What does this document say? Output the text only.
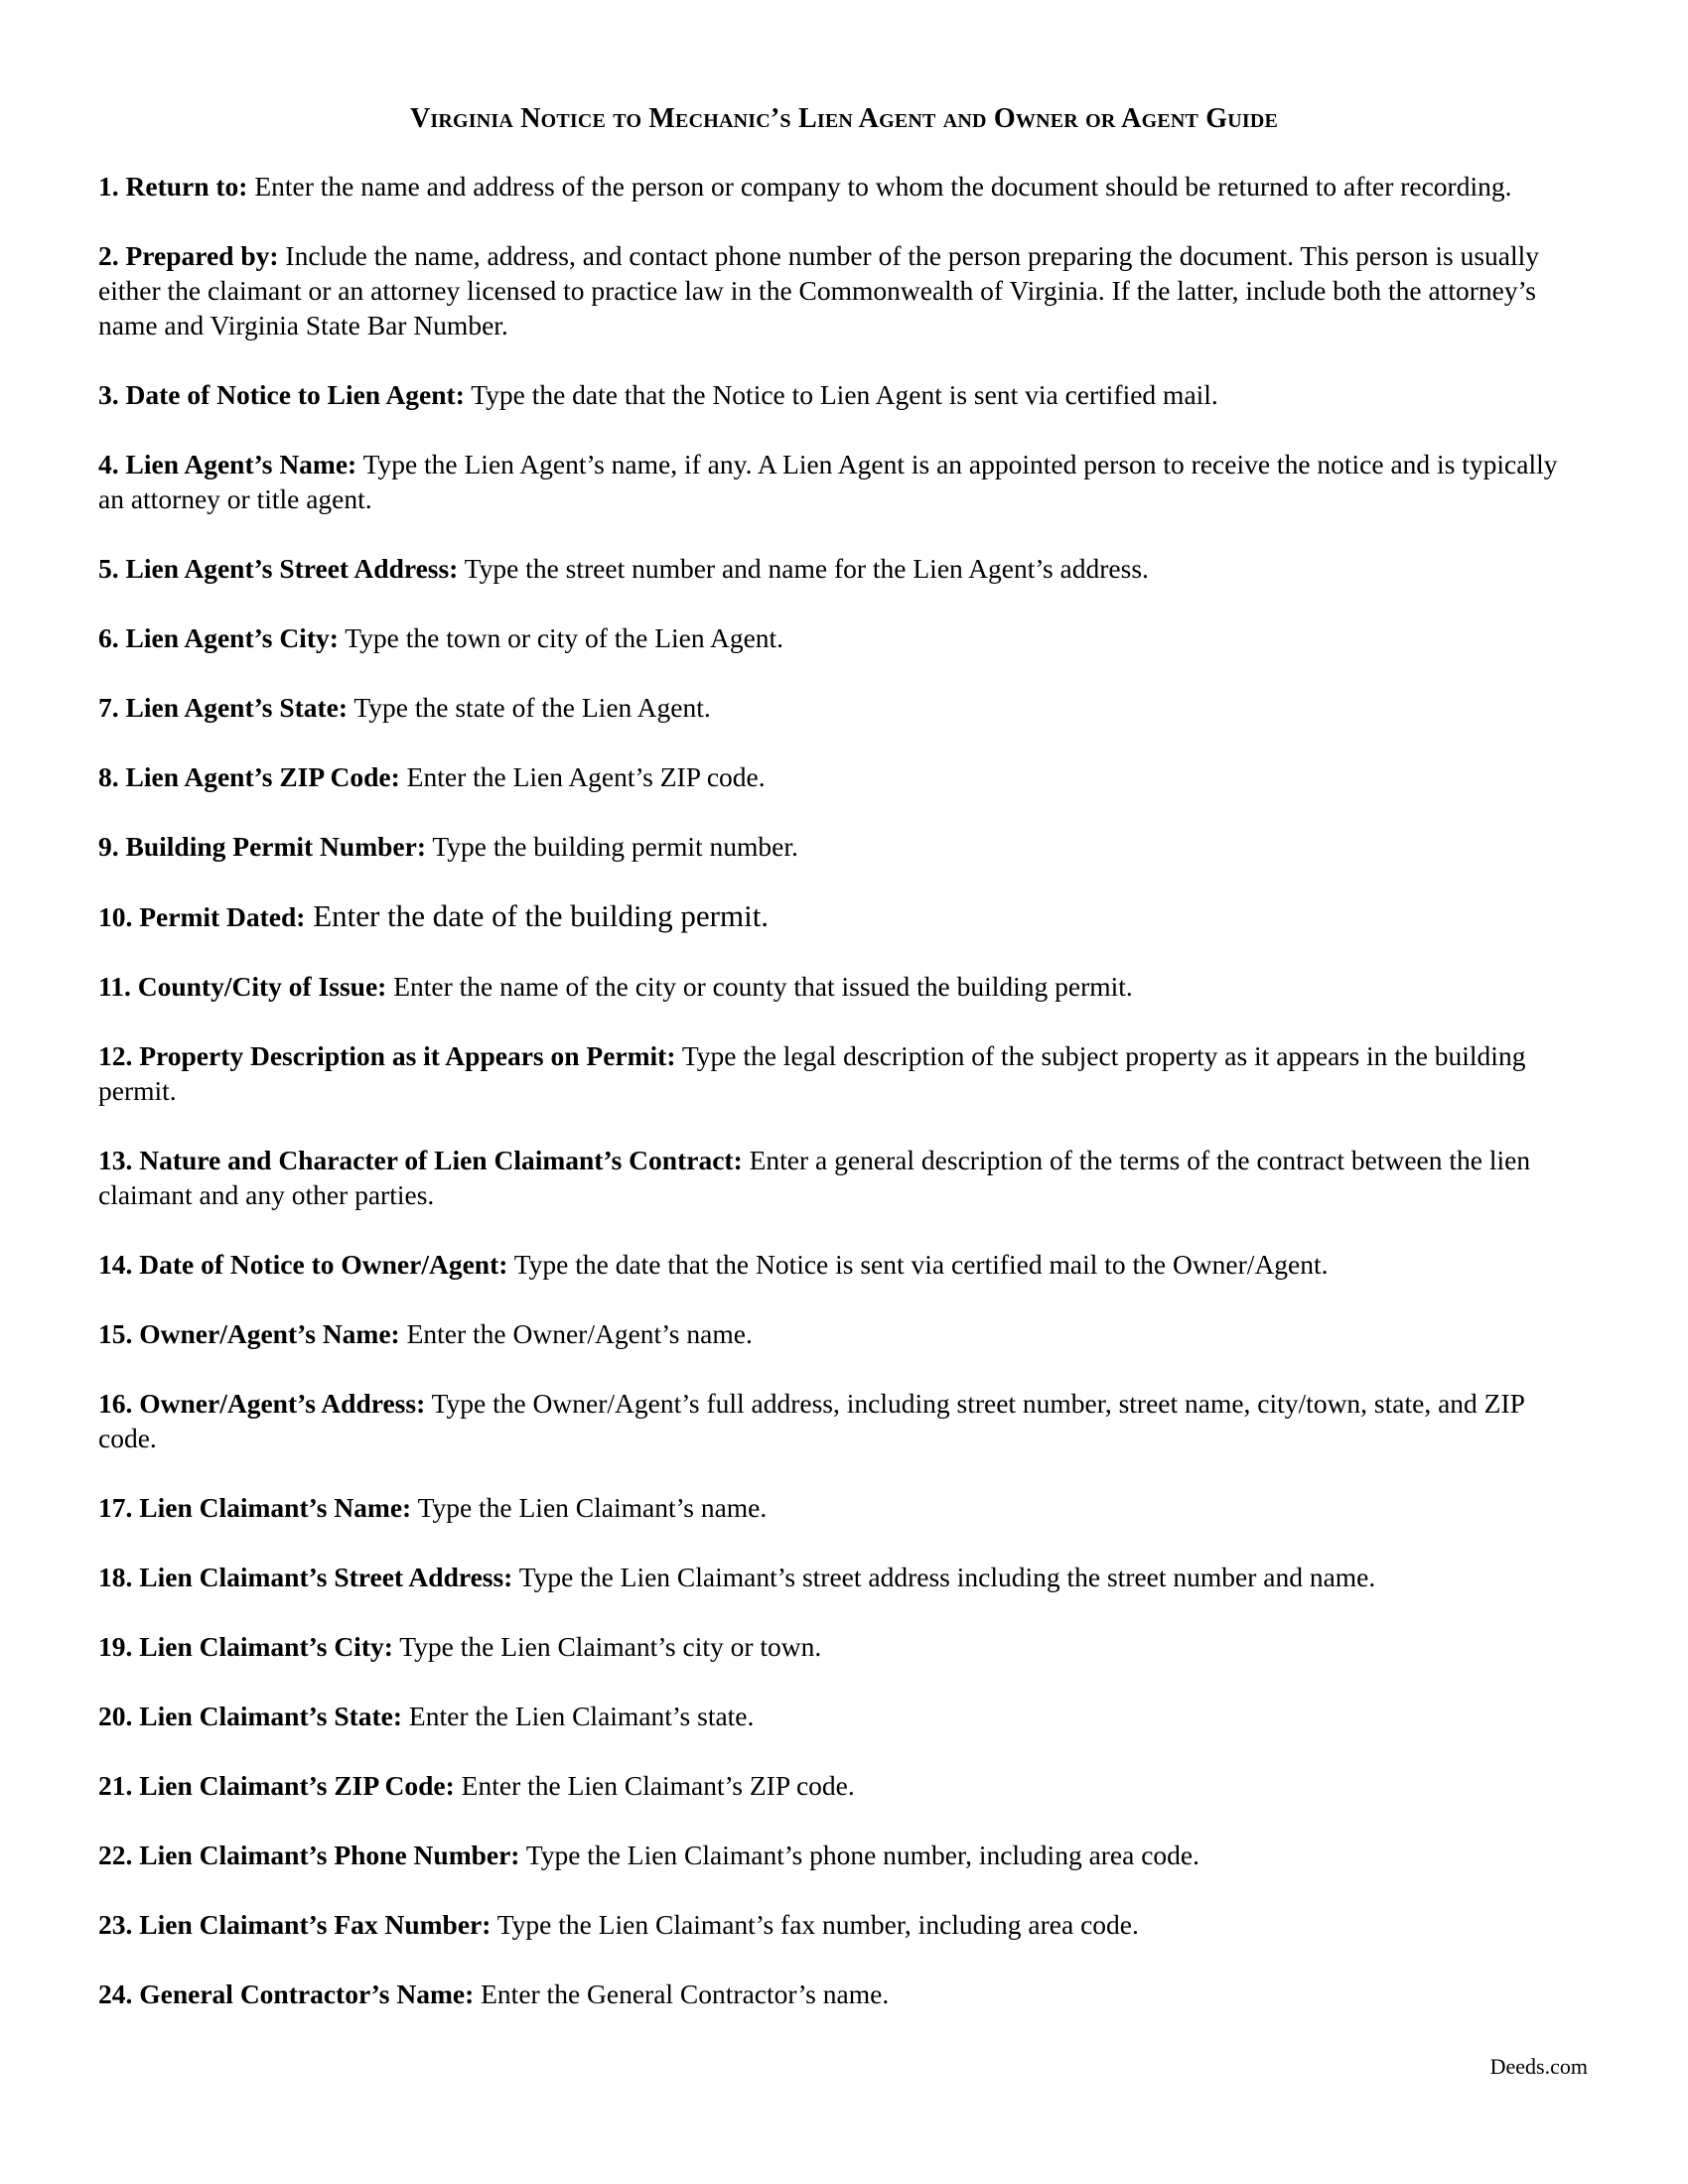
Virginia Notice to Mechanic’s Lien Agent and Owner or Agent Guide

1. Return to: Enter the name and address of the person or company to whom the document should be returned to after recording.

2. Prepared by: Include the name, address, and contact phone number of the person preparing the document. This person is usually either the claimant or an attorney licensed to practice law in the Commonwealth of Virginia. If the latter, include both the attorney’s name and Virginia State Bar Number.

3. Date of Notice to Lien Agent: Type the date that the Notice to Lien Agent is sent via certified mail.

4. Lien Agent’s Name: Type the Lien Agent’s name, if any. A Lien Agent is an appointed person to receive the notice and is typically an attorney or title agent.

5. Lien Agent’s Street Address: Type the street number and name for the Lien Agent’s address.

6. Lien Agent’s City: Type the town or city of the Lien Agent.

7. Lien Agent’s State: Type the state of the Lien Agent.

8. Lien Agent’s ZIP Code: Enter the Lien Agent’s ZIP code.

9. Building Permit Number: Type the building permit number.

10. Permit Dated: Enter the date of the building permit.

11. County/City of Issue: Enter the name of the city or county that issued the building permit.

12. Property Description as it Appears on Permit: Type the legal description of the subject property as it appears in the building permit.

13. Nature and Character of Lien Claimant’s Contract: Enter a general description of the terms of the contract between the lien claimant and any other parties.

14. Date of Notice to Owner/Agent: Type the date that the Notice is sent via certified mail to the Owner/Agent.

15. Owner/Agent’s Name: Enter the Owner/Agent’s name.

16. Owner/Agent’s Address: Type the Owner/Agent’s full address, including street number, street name, city/town, state, and ZIP code.

17. Lien Claimant’s Name: Type the Lien Claimant’s name.

18. Lien Claimant’s Street Address: Type the Lien Claimant’s street address including the street number and name.

19. Lien Claimant’s City: Type the Lien Claimant’s city or town.

20. Lien Claimant’s State: Enter the Lien Claimant’s state.

21. Lien Claimant’s ZIP Code: Enter the Lien Claimant’s ZIP code.

22. Lien Claimant’s Phone Number: Type the Lien Claimant’s phone number, including area code.

23. Lien Claimant’s Fax Number: Type the Lien Claimant’s fax number, including area code.

24. General Contractor’s Name: Enter the General Contractor’s name.

Deeds.com
